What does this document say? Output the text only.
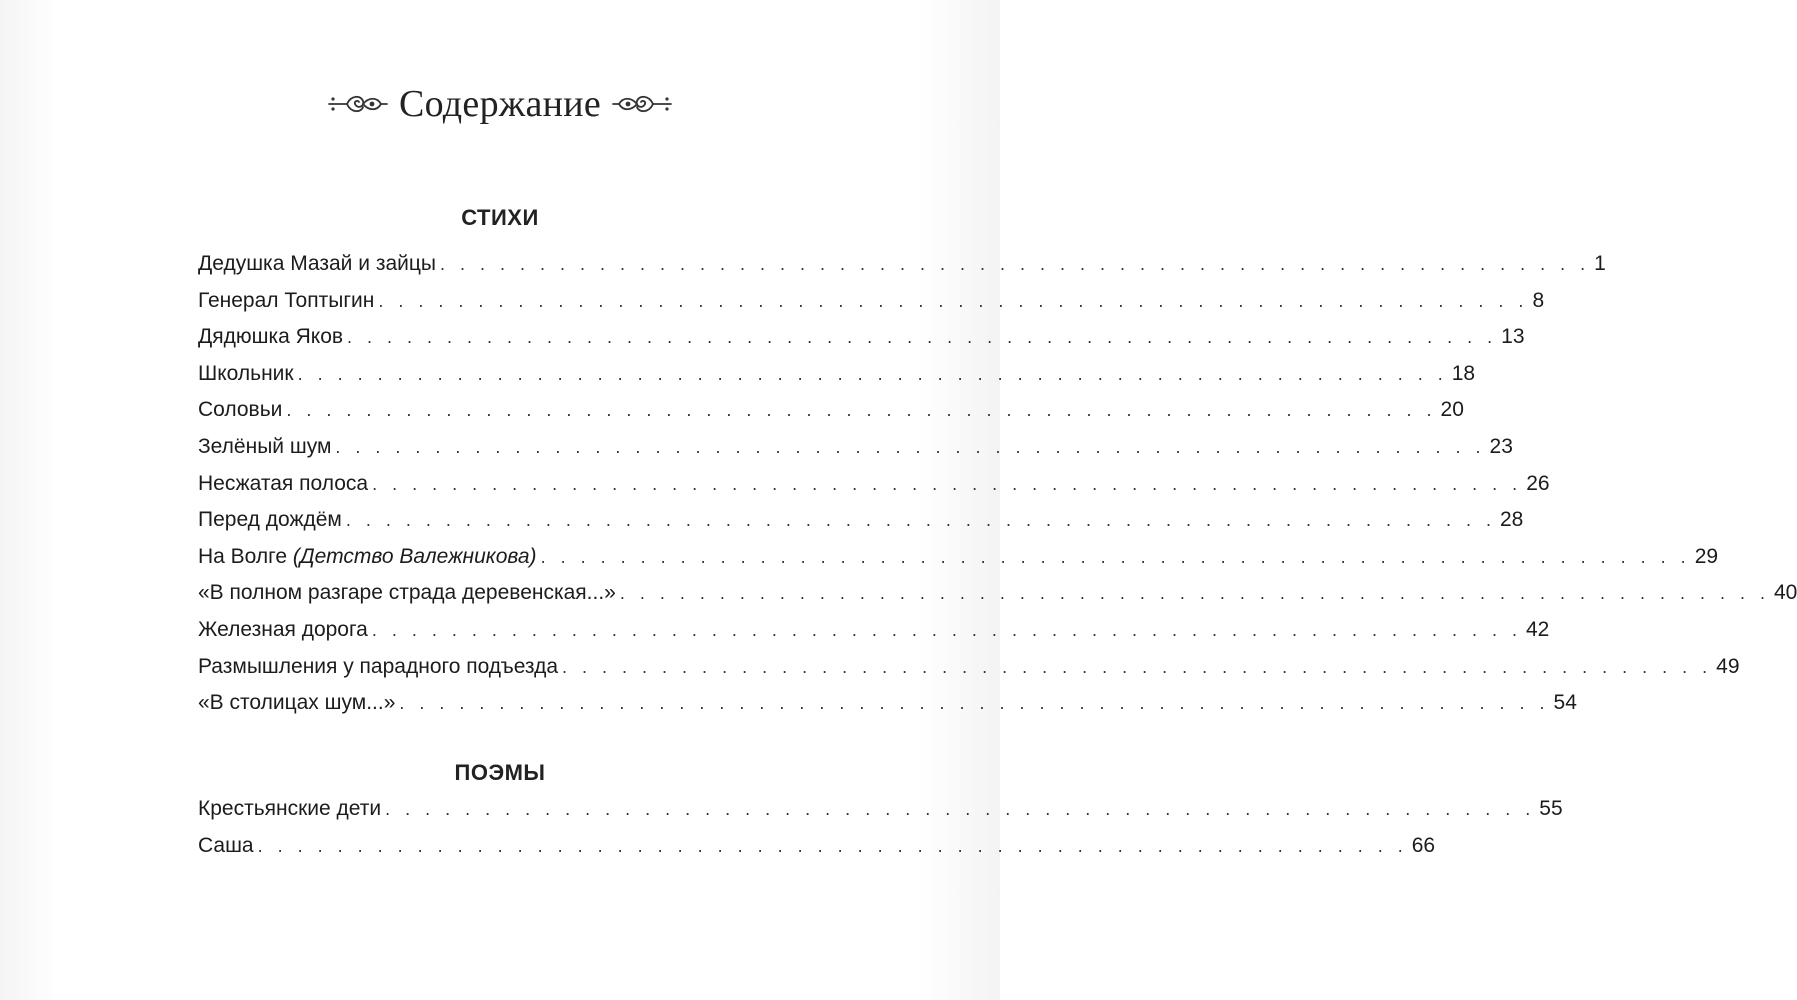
Содержание
СТИХИ
Дедушка Мазай и зайцы . . . . . . . . . . . . . . . . . . . . . . . . . . . . . . . . . . . . . . . . . . . . . . . . . . . . . . . . . . 1
Генерал Топтыгин . . . . . . . . . . . . . . . . . . . . . . . . . . . . . . . . . . . . . . . . . . . . . . . . . . . . . . . . . . 8
Дядюшка Яков . . . . . . . . . . . . . . . . . . . . . . . . . . . . . . . . . . . . . . . . . . . . . . . . . . . . . . . . . . 13
Школьник . . . . . . . . . . . . . . . . . . . . . . . . . . . . . . . . . . . . . . . . . . . . . . . . . . . . . . . . . . 18
Соловьи . . . . . . . . . . . . . . . . . . . . . . . . . . . . . . . . . . . . . . . . . . . . . . . . . . . . . . . . . . 20
Зелёный шум . . . . . . . . . . . . . . . . . . . . . . . . . . . . . . . . . . . . . . . . . . . . . . . . . . . . . . . . . . 23
Несжатая полоса . . . . . . . . . . . . . . . . . . . . . . . . . . . . . . . . . . . . . . . . . . . . . . . . . . . . . . . . . . 26
Перед дождём . . . . . . . . . . . . . . . . . . . . . . . . . . . . . . . . . . . . . . . . . . . . . . . . . . . . . . . . . . 28
На Волге (Детство Валежникова) . . . . . . . . . . . . . . . . . . . . . . . . . . . . . . . . . . . . . . . . . . . . . . . . . . . . . . . . . . 29
«В полном разгаре страда деревенская...» . . . . . . . . . . . . . . . . . . . . . . . . . . . . . . . . . . . . . . . . . . . . . . . . . . . . . . . . . . 40
Железная дорога . . . . . . . . . . . . . . . . . . . . . . . . . . . . . . . . . . . . . . . . . . . . . . . . . . . . . . . . . . 42
Размышления у парадного подъезда . . . . . . . . . . . . . . . . . . . . . . . . . . . . . . . . . . . . . . . . . . . . . . . . . . . . . . . . . . 49
«В столицах шум...» . . . . . . . . . . . . . . . . . . . . . . . . . . . . . . . . . . . . . . . . . . . . . . . . . . . . . . . . . . 54
ПОЭМЫ
Крестьянские дети . . . . . . . . . . . . . . . . . . . . . . . . . . . . . . . . . . . . . . . . . . . . . . . . . . . . . . . . . . 55
Саша . . . . . . . . . . . . . . . . . . . . . . . . . . . . . . . . . . . . . . . . . . . . . . . . . . . . . . . . . . 66
